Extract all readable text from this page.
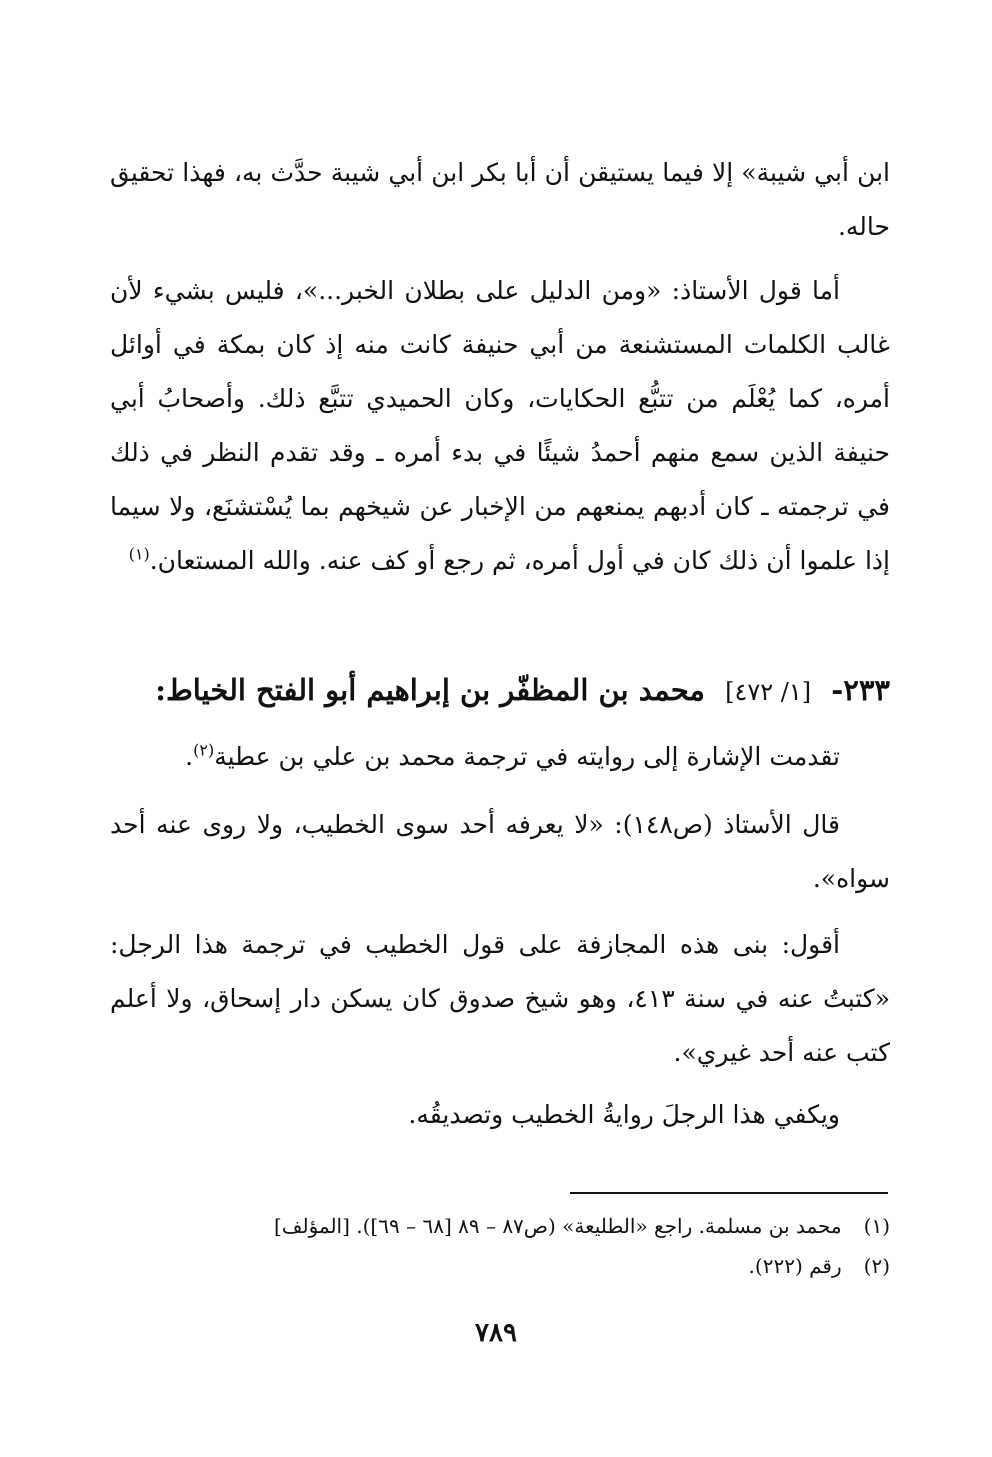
ابن أبي شيبة» إلا فيما يستيقن أن أبا بكر ابن أبي شيبة حدَّث به، فهذا تحقيق حاله.

أما قول الأستاذ: «ومن الدليل على بطلان الخبر...»، فليس بشيء لأن غالب الكلمات المستشنعة من أبي حنيفة كانت منه إذ كان بمكة في أوائل أمره، كما يُعْلَم من تتبُّع الحكايات، وكان الحميدي تتبَّع ذلك. وأصحابُ أبي حنيفة الذين سمع منهم أحمدُ شيئًا في بدء أمره ـ وقد تقدم النظر في ذلك في ترجمته ـ كان أدبهم يمنعهم من الإخبار عن شيخهم بما يُسْتشنَع، ولا سيما إذا علموا أن ذلك كان في أول أمره، ثم رجع أو كف عنه. والله المستعان.$^{(١)}$

٢٣٣- [١/ ٤٧٢] محمد بن المظفّر بن إبراهيم أبو الفتح الخياط:

تقدمت الإشارة إلى روايته في ترجمة محمد بن علي بن عطية$^{(٢)}$.

قال الأستاذ (ص١٤٨): «لا يعرفه أحد سوى الخطيب، ولا روى عنه أحد سواه».

أقول: بنى هذه المجازفة على قول الخطيب في ترجمة هذا الرجل: «كتبتُ عنه في سنة ٤١٣، وهو شيخ صدوق كان يسكن دار إسحاق، ولا أعلم كتب عنه أحد غيري».

ويكفي هذا الرجلَ روايةُ الخطيب وتصديقُه.

(١) محمد بن مسلمة. راجع «الطليعة» (ص٨٧ – ٨٩ [٦٨ – ٦٩]). [المؤلف]

(٢) رقم (٢٢٢).

٧٨٩
